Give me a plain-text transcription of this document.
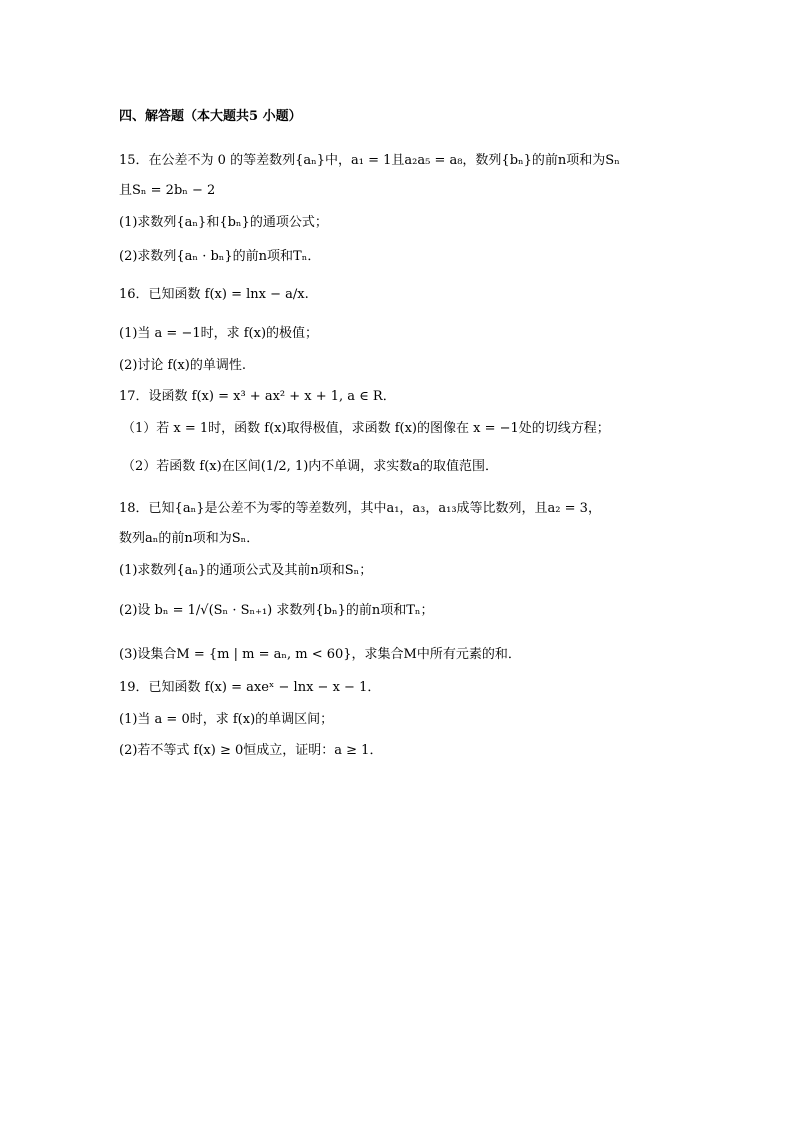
四、解答题（本大题共5 小题）
15．在公差不为 0 的等差数列{aₙ}中，a₁ = 1且a₂a₅ = a₈，数列{bₙ}的前n项和为Sₙ
且Sₙ = 2bₙ − 2
(1)求数列{aₙ}和{bₙ}的通项公式；
(2)求数列{aₙ · bₙ}的前n项和Tₙ．
16．已知函数 f(x) = lnx − a/x.
(1)当 a = −1时，求 f(x)的极值；
(2)讨论 f(x)的单调性.
17．设函数 f(x) = x³ + ax² + x + 1, a ∈ R．
（1）若 x = 1时，函数 f(x)取得极值，求函数 f(x)的图像在 x = −1处的切线方程；
（2）若函数 f(x)在区间(1/2, 1)内不单调，求实数a的取值范围．
18．已知{aₙ}是公差不为零的等差数列，其中a₁，a₃，a₁₃成等比数列，且a₂ = 3，
数列aₙ的前n项和为Sₙ．
(1)求数列{aₙ}的通项公式及其前n项和Sₙ；
(2)设 bₙ = 1/√(Sₙ · Sₙ₊₁) 求数列{bₙ}的前n项和Tₙ；
(3)设集合M = {m | m = aₙ, m < 60}，求集合M中所有元素的和．
19．已知函数 f(x) = axeˣ − lnx − x − 1．
(1)当 a = 0时，求 f(x)的单调区间；
(2)若不等式 f(x) ≥ 0恒成立，证明：a ≥ 1．
